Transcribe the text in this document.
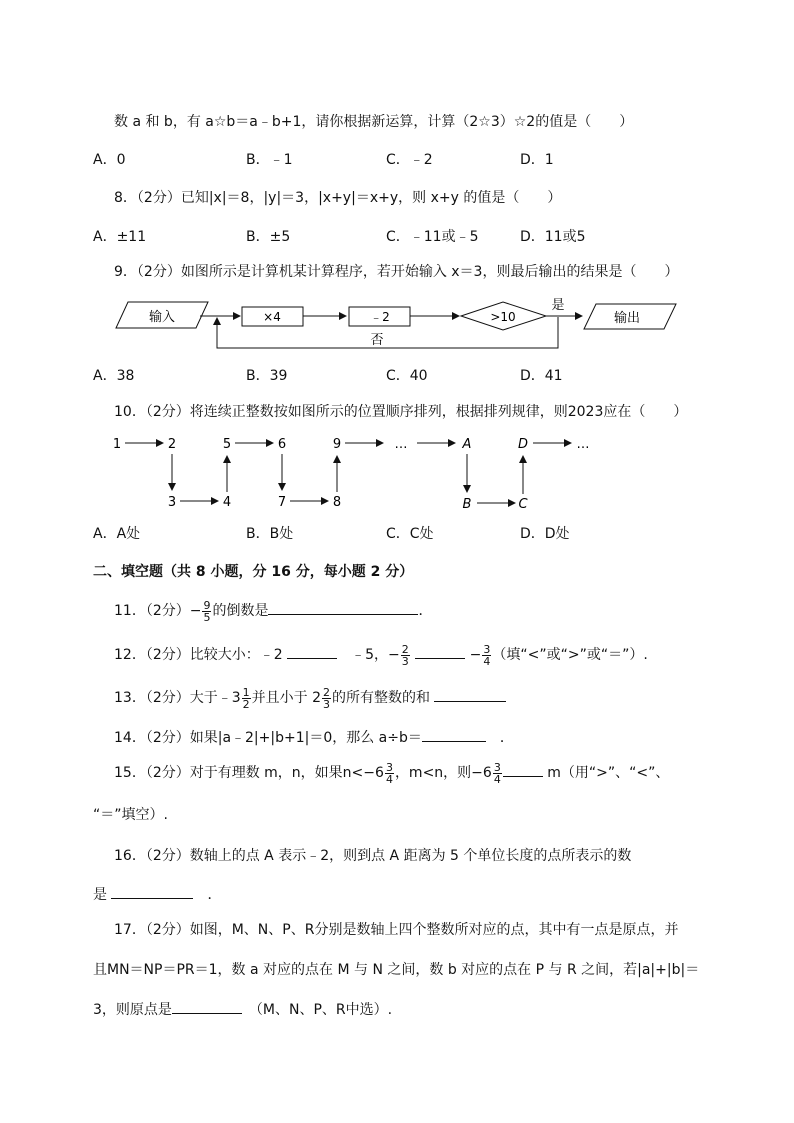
数 a 和 b，有 a☆b＝a﹣b+1，请你根据新运算，计算（2☆3）☆2的值是（　　）
A．0	B．﹣1	C．﹣2	D．1
8．（2分）已知|x|＝8，|y|＝3，|x+y|＝x+y，则 x+y 的值是（　　）
A．±11	B．±5	C．﹣11或﹣5	D．11或5
9．（2分）如图所示是计算机某计算程序，若开始输入 x＝3，则最后输出的结果是（　　）
输入	×4	﹣2	>10
是
输出
否
A．38	B．39	C．40	D．41
10．（2分）将连续正整数按如图所示的位置顺序排列，根据排列规律，则2023应在（　　）
1	2	5	6	9	…	A	D	…
3	4	7	8	B	C
A．A处	B．B处	C．C处	D．D处
二、填空题（共 8 小题，分 16 分，每小题 2 分）
11．（2分）− $\frac{9}{5}$ 的倒数是	．
12．（2分）比较大小：﹣2 　	﹣5，− $\frac{2}{3}$	− $\frac{3}{4}$ （填“<”或“>”或“＝”）.
13．（2分）大于﹣3 $\frac{1}{2}$ 并且小于 $2 \frac{2}{3}$ 的所有整数的和
14．（2分）如果|a﹣2|+|b+1|＝0，那么 a÷b＝　	．
15．（2分）对于有理数 m，n，如果$n<-6 \frac{3}{4}$ ，m<n，则$-6 \frac{3}{4}$	m（用“>”、“<”、
“＝”填空）.
16．（2分）数轴上的点 A 表示﹣2，则到点 A 距离为 5 个单位长度的点所表示的数
是 　	．
17．（2分）如图，M、N、P、R分别是数轴上四个整数所对应的点，其中有一点是原点，并
且MN＝NP＝PR＝1，数 a 对应的点在 M 与 N 之间，数 b 对应的点在 P 与 R 之间，若|a|+|b|＝
3，则原点是　	（M、N、P、R中选）.
